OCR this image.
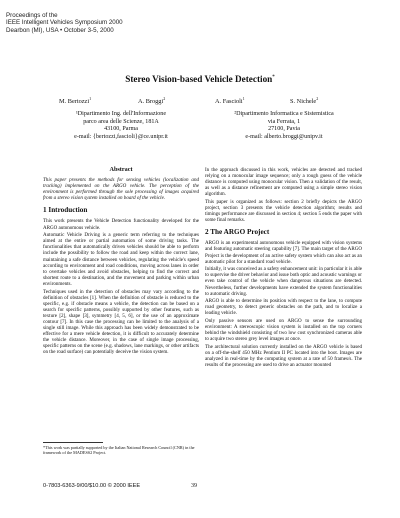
Proceedings of the
IEEE Intelligent Vehicles Symposium 2000
Dearbon (MI), USA • October 3-5, 2000
Stereo Vision-based Vehicle Detection*
M. Bertozzi$^1$	A. Broggi$^2$	A. Fascioli$^1$	S. Nichele$^2$
¹Dipartimento Ing. dell'Informazione
parco area delle Scienze, 181A
43100, Parma
e-mail: {bertozzi,fascioli}@ce.unipr.it
²Dipartimento Informatica e Sistemistica
via Ferrata, 1
27100, Pavia
e-mail: alberto.broggi@unipv.it
Abstract

This paper presents the methods for sensing vehicles (localization and tracking) implemented on the ARGO vehicle. The perception of the environment is performed through the sole processing of images acquired from a stereo vision system installed on board of the vehicle.

1 Introduction

This work presents the Vehicle Detection functionality developed for the ARGO autonomous vehicle.

Automatic Vehicle Driving is a generic term referring to the techniques aimed at the entire or partial automation of some driving tasks. The functionalities that automatically driven vehicles should be able to perform include the possibility to follow the road and keep within the correct lane, maintaining a safe distance between vehicles, regulating the vehicle's speed according to environment and road conditions, moving across lanes in order to overtake vehicles and avoid obstacles, helping to find the correct and shortest route to a destination, and the movement and parking within urban environments.

Techniques used in the detection of obstacles may vary according to the definition of obstacles [1]. When the definition of obstacle is reduced to the specific, e.g. if obstacle means a vehicle, the detection can be based on a search for specific patterns, possibly supported by other features, such as texture [2], shape [3], symmetry [4, 5, 6], or the use of an approximate contour [7]. In this case the processing can be limited to the analysis of a single still image. While this approach has been widely demonstrated to be effective for a mere vehicle detection, it is difficult to accurately determine the vehicle distance. Moreover, in the case of single image processing, specific patterns on the scene (e.g. shadows, lane markings, or other artifacts on the road surface) can potentially deceive the vision system.

In the approach discussed in this work, vehicles are detected and tracked relying on a monocular image sequence; only a rough guess of the vehicle distance is computed using monocular vision. Then a validation of the result, as well as a distance refinement are computed using a simple stereo vision algorithm.

This paper is organized as follows: section 2 briefly depicts the ARGO project, section 3 presents the vehicle detection algorithm; results and timings performance are discussed in section 4; section 5 ends the paper with some final remarks.

2 The ARGO Project

ARGO is an experimental autonomous vehicle equipped with vision systems and featuring automatic steering capability [7]. The main target of the ARGO Project is the development of an active safety system which can also act as an automatic pilot for a standard road vehicle.

Initially, it was conceived as a safety enhancement unit: in particular it is able to supervise the driver behavior and issue both optic and acoustic warnings or even take control of the vehicle when dangerous situations are detected. Nevertheless, further developments have extended the system functionalities to automatic driving.

ARGO is able to determine its position with respect to the lane, to compute road geometry, to detect generic obstacles on the path, and to localize a leading vehicle.

Only passive sensors are used on ARGO to sense the surrounding environment: A stereoscopic vision system is installed on the top corners behind the windshield consisting of two low cost synchronized cameras able to acquire two stereo grey level images at once.

The architectural solution currently installed on the ARGO vehicle is based on a off-the-shelf 450 MHz Pentium II PC located into the boot. Images are analyzed in real-time by the computing system at a rate of 50 frames/s. The results of the processing are used to drive an actuator mounted

*This work was partially supported by the Italian National Research Council (CNR) in the framework of the MADESS2 Project.
0-7803-6363-9/00/$10.00 © 2000 IEEE	39
